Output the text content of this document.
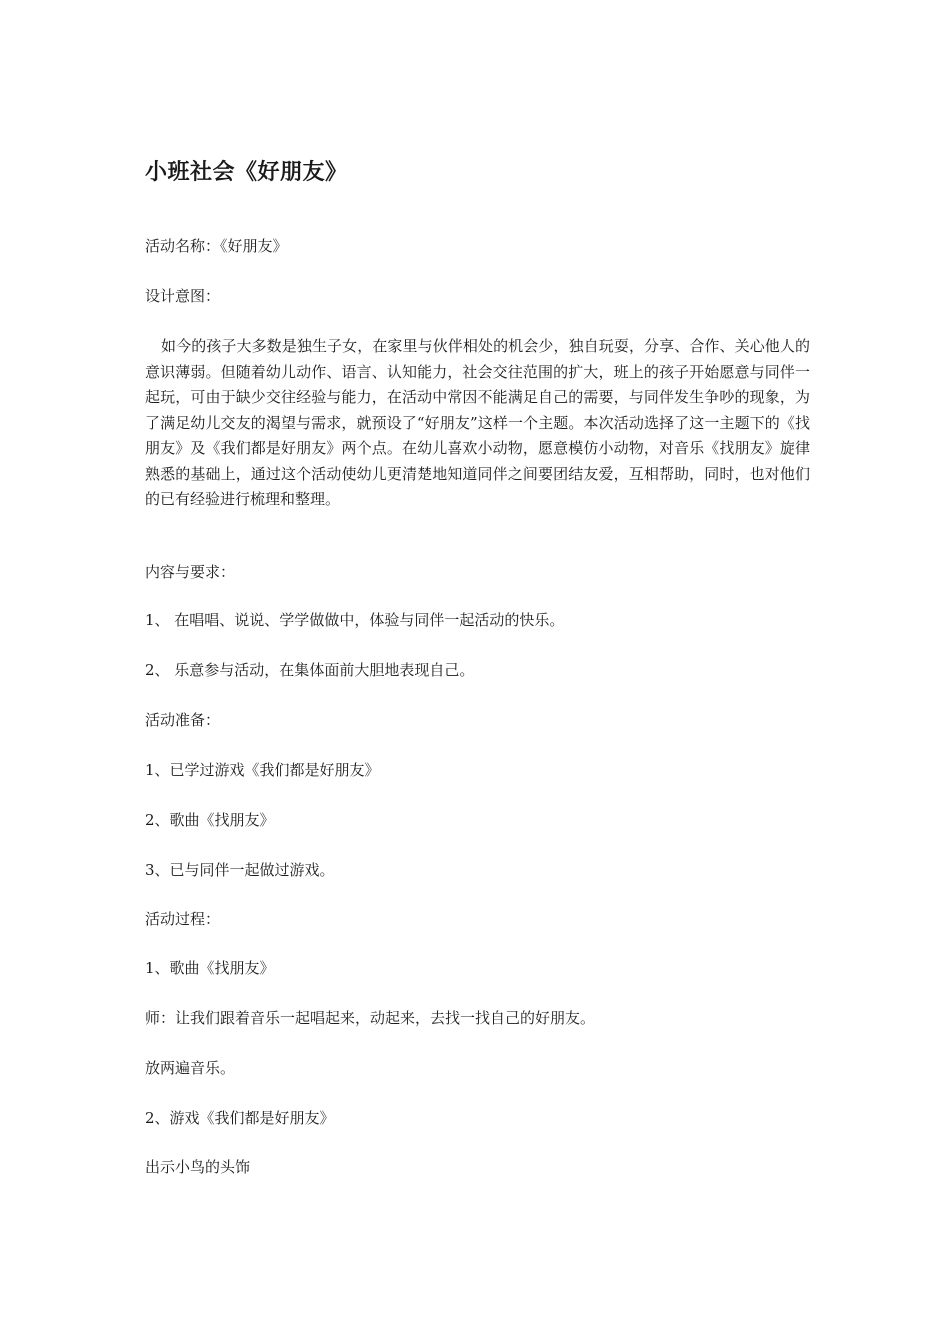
小班社会《好朋友》
活动名称：《好朋友》
设计意图：

如今的孩子大多数是独生子女，在家里与伙伴相处的机会少，独自玩耍，分享、合作、关心他人的意识薄弱。但随着幼儿动作、语言、认知能力，社会交往范围的扩大，班上的孩子开始愿意与同伴一起玩，可由于缺少交往经验与能力，在活动中常因不能满足自己的需要，与同伴发生争吵的现象，为了满足幼儿交友的渴望与需求，就预设了“好朋友”这样一个主题。本次活动选择了这一主题下的《找朋友》及《我们都是好朋友》两个点。在幼儿喜欢小动物，愿意模仿小动物，对音乐《找朋友》旋律熟悉的基础上，通过这个活动使幼儿更清楚地知道同伴之间要团结友爱，互相帮助，同时，也对他们的已有经验进行梳理和整理。

内容与要求：
1、 在唱唱、说说、学学做做中，体验与同伴一起活动的快乐。
2、 乐意参与活动，在集体面前大胆地表现自己。
活动准备：
1、已学过游戏《我们都是好朋友》
2、歌曲《找朋友》
3、已与同伴一起做过游戏。
活动过程：
1、歌曲《找朋友》
师：让我们跟着音乐一起唱起来，动起来，去找一找自己的好朋友。
放两遍音乐。
2、游戏《我们都是好朋友》
出示小鸟的头饰
